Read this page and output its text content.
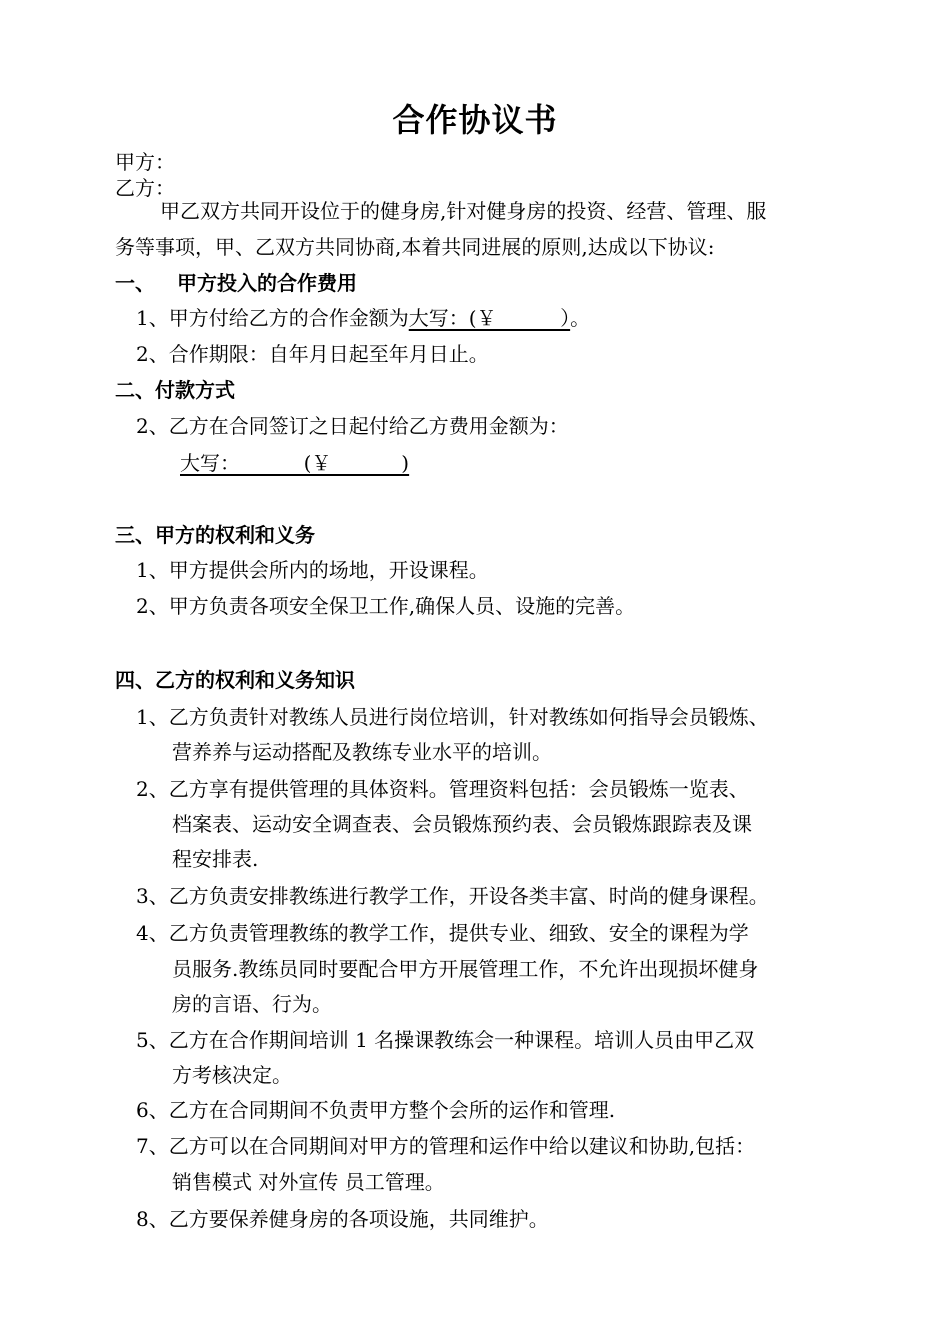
合作协议书
甲方：
乙方：
甲乙双方共同开设位于的健身房,针对健身房的投资、经营、管理、服
务等事项，甲、乙双方共同协商,本着共同进展的原则,达成以下协议:
一、 甲方投入的合作费用
1、甲方付给乙方的合作金额为大写：(￥          ）。
2、合作期限：自年月日起至年月日止。
二、付款方式
2、乙方在合同签订之日起付给乙方费用金额为：
大写：          (￥           )
三、甲方的权利和义务
1、甲方提供会所内的场地，开设课程。
2、甲方负责各项安全保卫工作,确保人员、设施的完善。
四、乙方的权利和义务知识
1、乙方负责针对教练人员进行岗位培训，针对教练如何指导会员锻炼、
营养养与运动搭配及教练专业水平的培训。
2、乙方享有提供管理的具体资料。管理资料包括：会员锻炼一览表、
档案表、运动安全调查表、会员锻炼预约表、会员锻炼跟踪表及课
程安排表.
3、乙方负责安排教练进行教学工作，开设各类丰富、时尚的健身课程。
4、乙方负责管理教练的教学工作，提供专业、细致、安全的课程为学
员服务.教练员同时要配合甲方开展管理工作，不允许出现损坏健身
房的言语、行为。
5、乙方在合作期间培训 1 名操课教练会一种课程。培训人员由甲乙双
方考核决定。
6、乙方在合同期间不负责甲方整个会所的运作和管理.
7、乙方可以在合同期间对甲方的管理和运作中给以建议和协助,包括：
销售模式 对外宣传 员工管理。
8、乙方要保养健身房的各项设施，共同维护。
